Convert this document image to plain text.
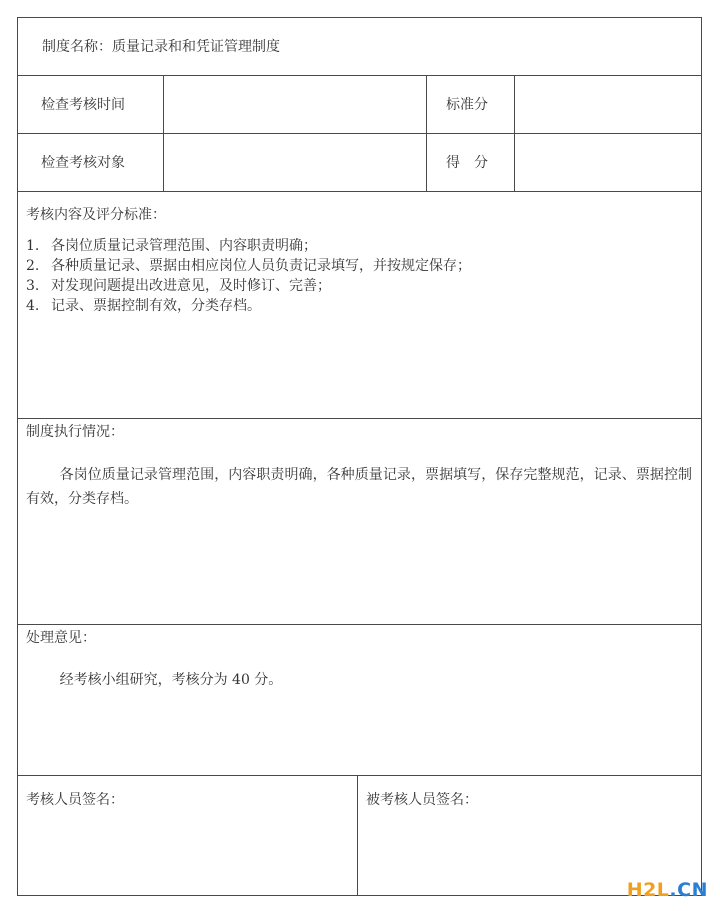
制度名称：质量记录和和凭证管理制度
检查考核时间	标准分
检查考核对象	得　分
考核内容及评分标准：
1. 各岗位质量记录管理范围、内容职责明确；
2. 各种质量记录、票据由相应岗位人员负责记录填写，并按规定保存；
3. 对发现问题提出改进意见，及时修订、完善；
4. 记录、票据控制有效，分类存档。
制度执行情况：

各岗位质量记录管理范围，内容职责明确，各种质量记录，票据填写，保存完整规范，记录、票据控制有效，分类存档。

处理意见：

经考核小组研究，考核分为 40 分。

考核人员签名：	被考核人员签名：
H2L.CN
